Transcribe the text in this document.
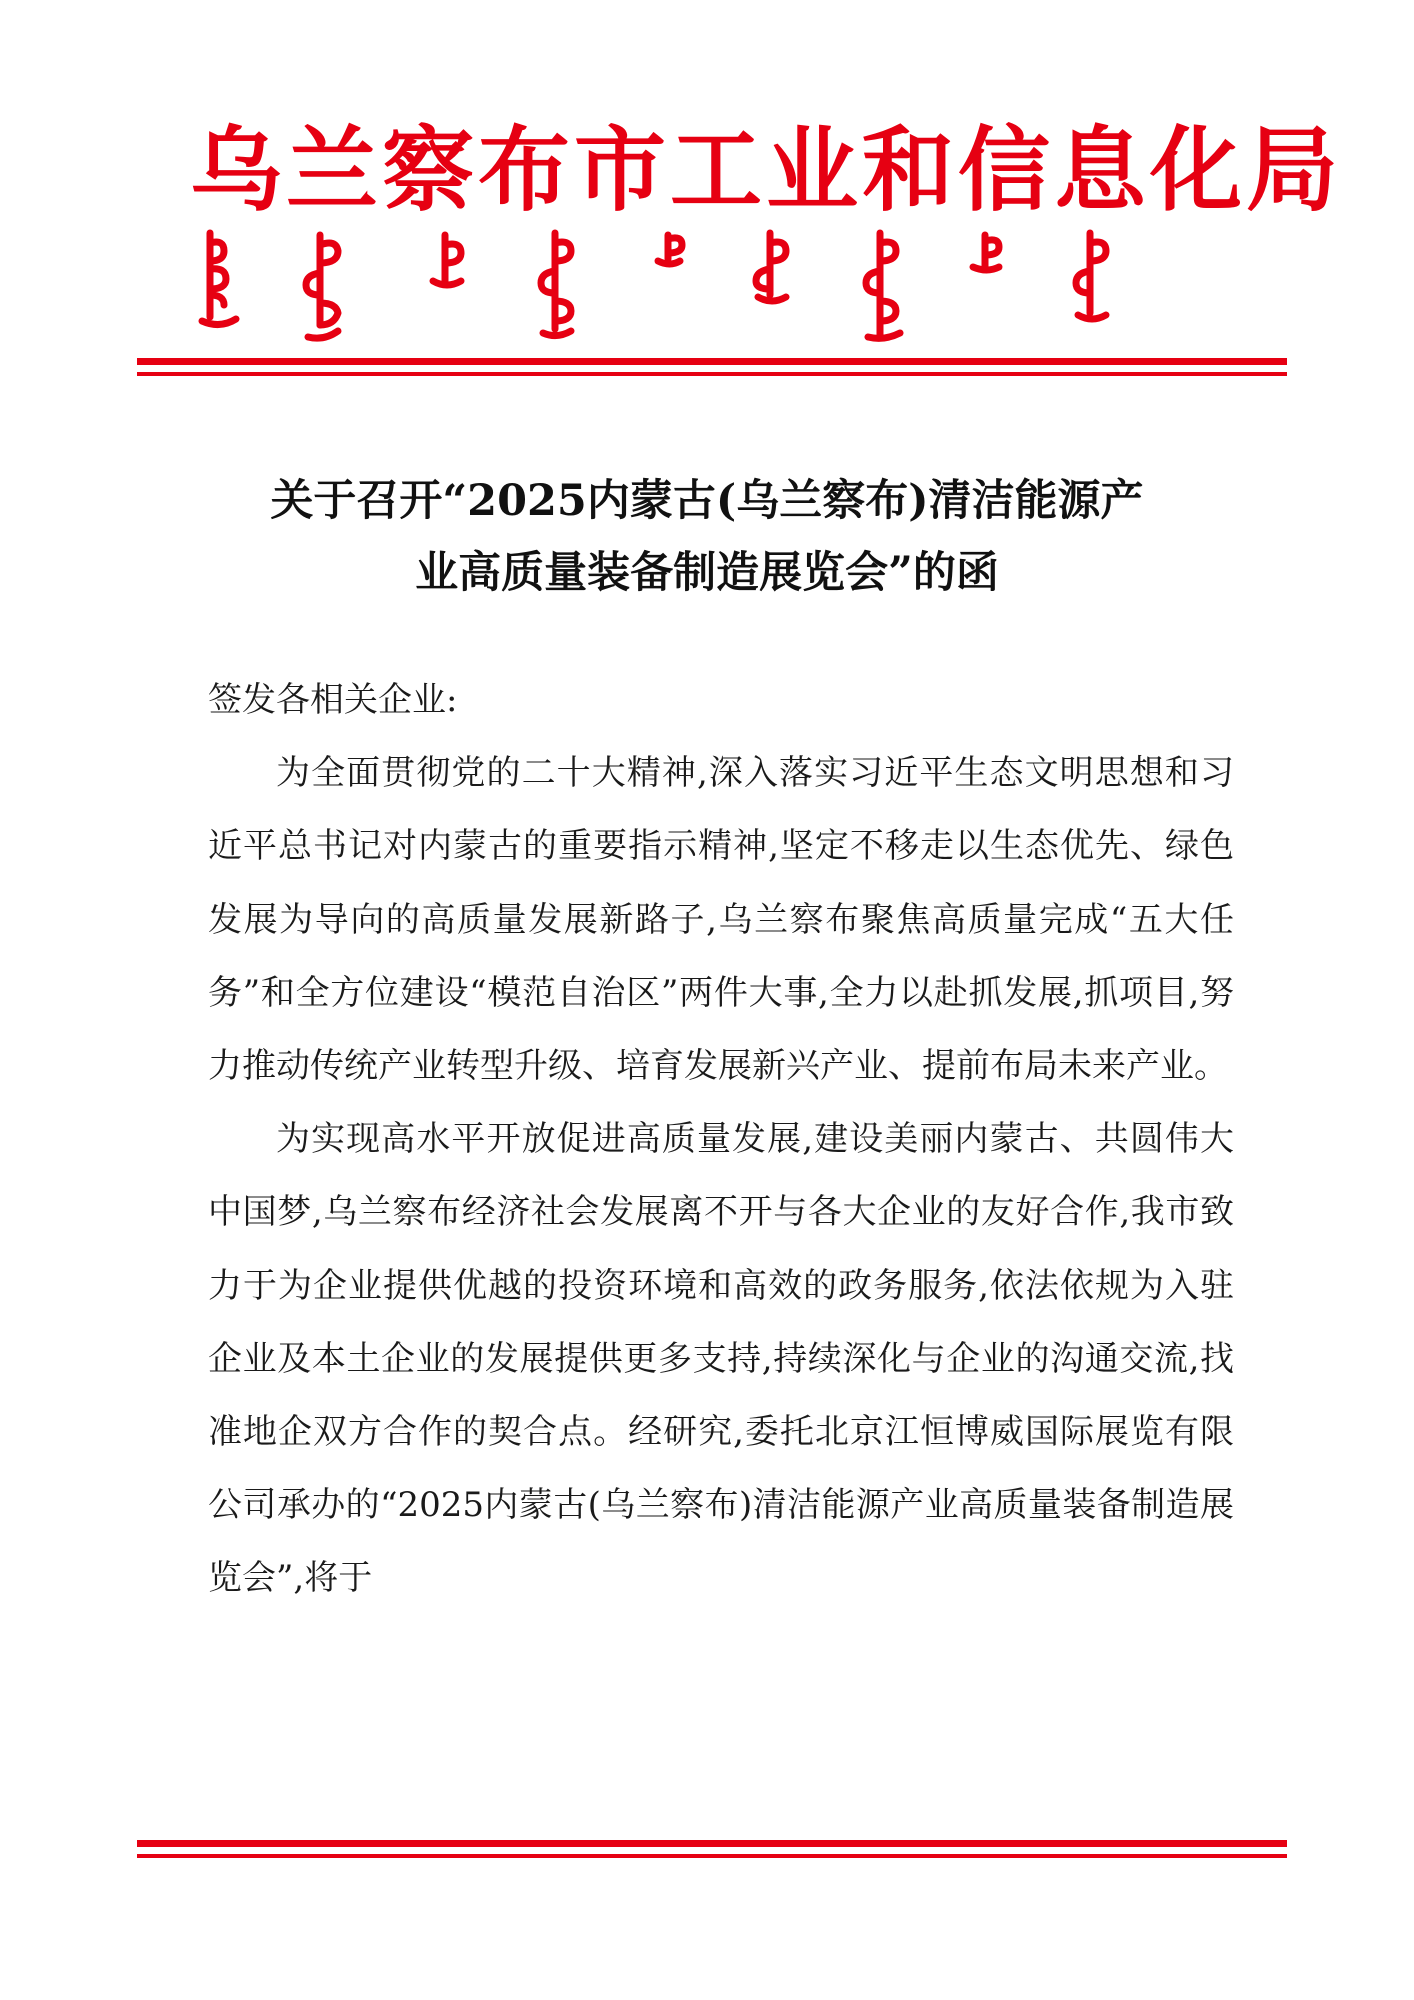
乌兰察布市工业和信息化局
关于召开“2025内蒙古(乌兰察布)清洁能源产
业高质量装备制造展览会”的函

签发各相关企业:

为全面贯彻党的二十大精神,深入落实习近平生态文明思想和习近平总书记对内蒙古的重要指示精神,坚定不移走以生态优先、绿色发展为导向的高质量发展新路子,乌兰察布聚焦高质量完成“五大任务”和全方位建设“模范自治区”两件大事,全力以赴抓发展,抓项目,努力推动传统产业转型升级、培育发展新兴产业、提前布局未来产业。

为实现高水平开放促进高质量发展,建设美丽内蒙古、共圆伟大中国梦,乌兰察布经济社会发展离不开与各大企业的友好合作,我市致力于为企业提供优越的投资环境和高效的政务服务,依法依规为入驻企业及本土企业的发展提供更多支持,持续深化与企业的沟通交流,找准地企双方合作的契合点。经研究,委托北京江恒博威国际展览有限公司承办的“2025内蒙古(乌兰察布)清洁能源产业高质量装备制造展览会”,将于
